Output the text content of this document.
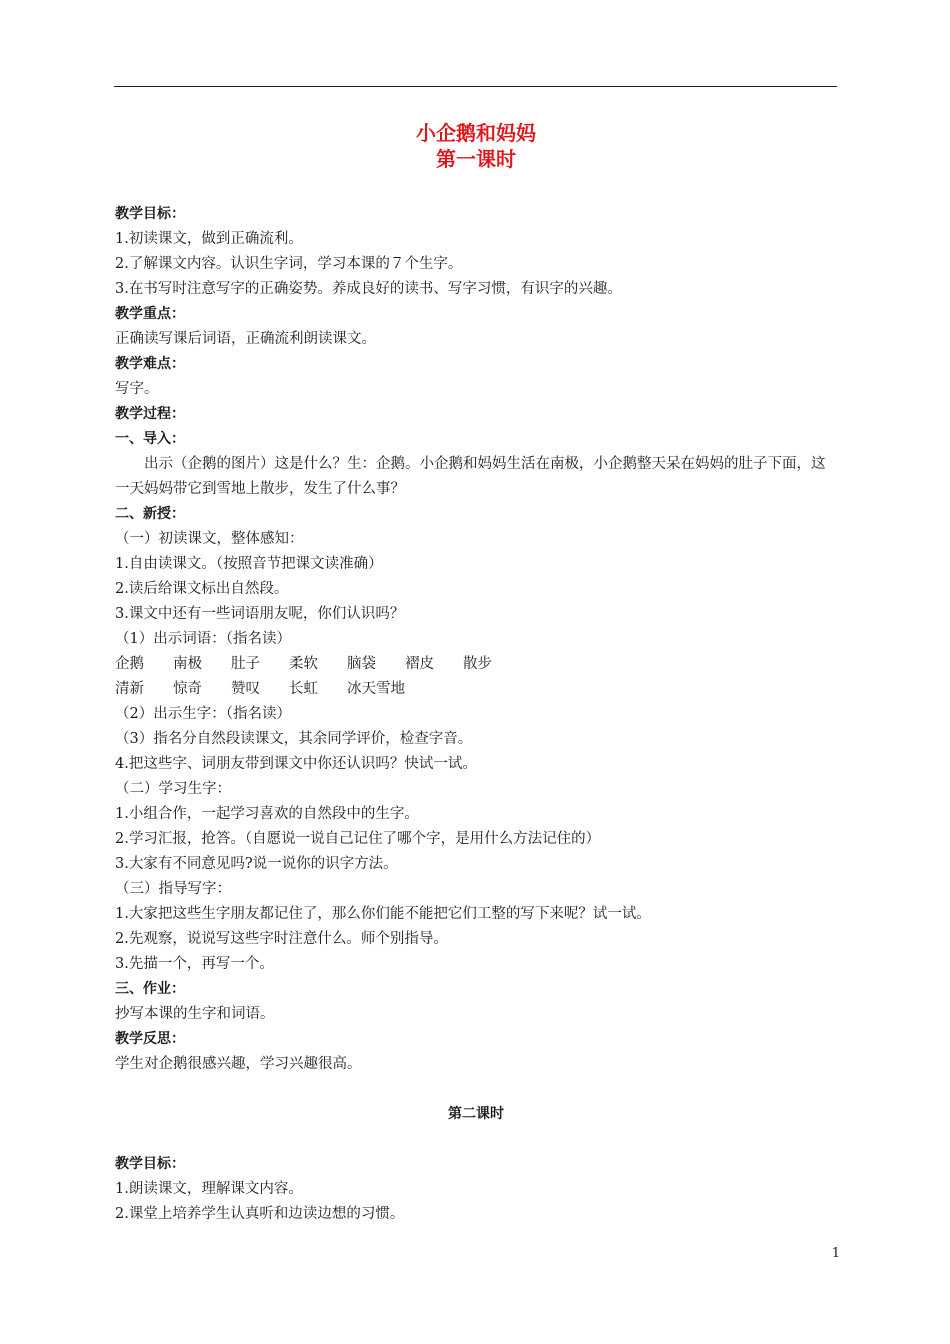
小企鹅和妈妈

第一课时

教学目标：

1.初读课文，做到正确流利。

2.了解课文内容。认识生字词，学习本课的７个生字。

3.在书写时注意写字的正确姿势。养成良好的读书、写字习惯，有识字的兴趣。

教学重点：

正确读写课后词语，正确流利朗读课文。

教学难点：

写字。

教学过程：

一、导入：

出示（企鹅的图片）这是什么？生：企鹅。小企鹅和妈妈生活在南极，小企鹅整天呆在妈妈的肚子下面，这一天妈妈带它到雪地上散步，发生了什么事？

二、新授：

（一）初读课文，整体感知：

1.自由读课文。（按照音节把课文读准确）

2.读后给课文标出自然段。

3.课文中还有一些词语朋友呢，你们认识吗？

（1）出示词语：（指名读）

企鹅	南极	肚子	柔软	脑袋	褶皮	散步
清新	惊奇	赞叹	长虹	冰天雪地

（2）出示生字：（指名读）

（3）指名分自然段读课文，其余同学评价，检查字音。

4.把这些字、词朋友带到课文中你还认识吗？快试一试。

（二）学习生字：

1.小组合作，一起学习喜欢的自然段中的生字。

2.学习汇报，抢答。（自愿说一说自己记住了哪个字，是用什么方法记住的）

3.大家有不同意见吗?说一说你的识字方法。

（三）指导写字：

1.大家把这些生字朋友都记住了，那么你们能不能把它们工整的写下来呢？试一试。

2.先观察，说说写这些字时注意什么。师个别指导。

3.先描一个，再写一个。

三、作业：

抄写本课的生字和词语。

教学反思：

学生对企鹅很感兴趣，学习兴趣很高。

第二课时

教学目标：

1.朗读课文，理解课文内容。

2.课堂上培养学生认真听和边读边想的习惯。

1
